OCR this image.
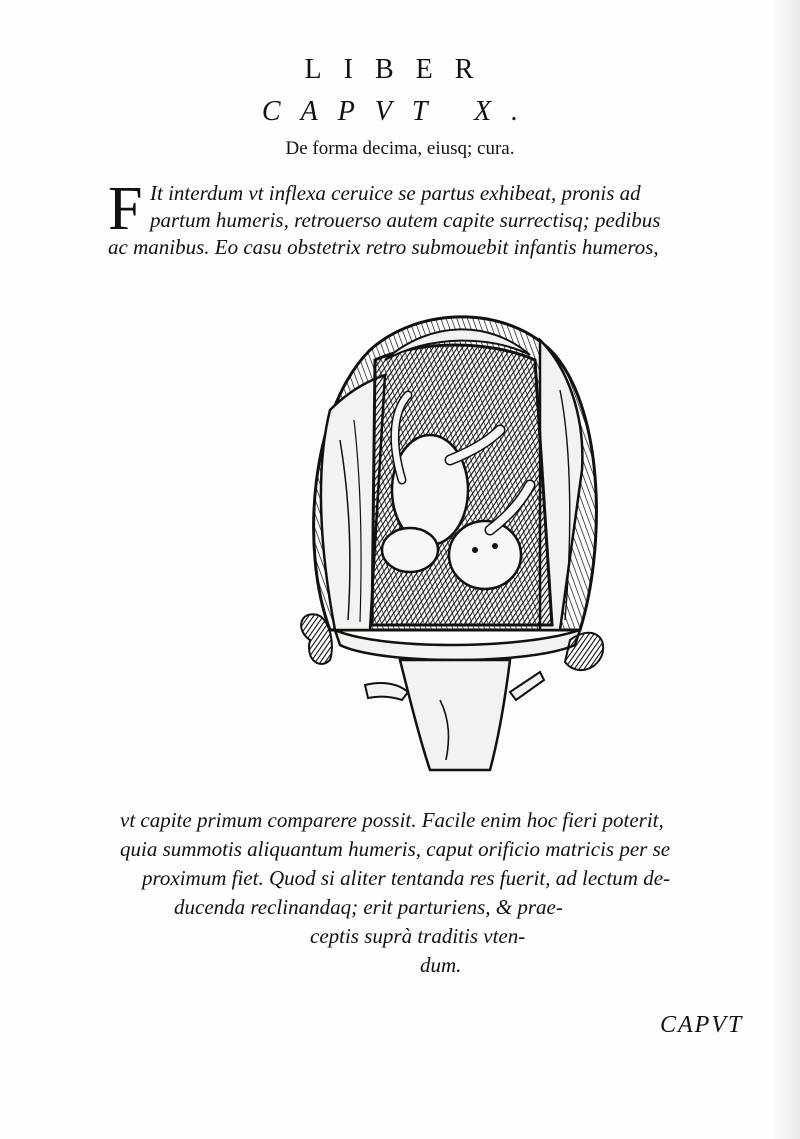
LIBER
CAPVT X.
De forma decima, eiusq; cura.
F It interdum vt inflexa ceruice se partus exhibeat, pronis ad
partum humeris, retrouerso autem capite surrectisq; pedibus
ac manibus. Eo casu obstetrix retro submouebit infantis humeros,
vt capite primum comparere possit. Facile enim hoc fieri poterit,
quia summotis aliquantum humeris, caput orificio matricis per se
proximum fiet. Quod si aliter tentanda res fuerit, ad lectum de-
ducenda reclinandaq; erit parturiens, & prae-
ceptis suprà traditis vten-
dum.
CAPVT
